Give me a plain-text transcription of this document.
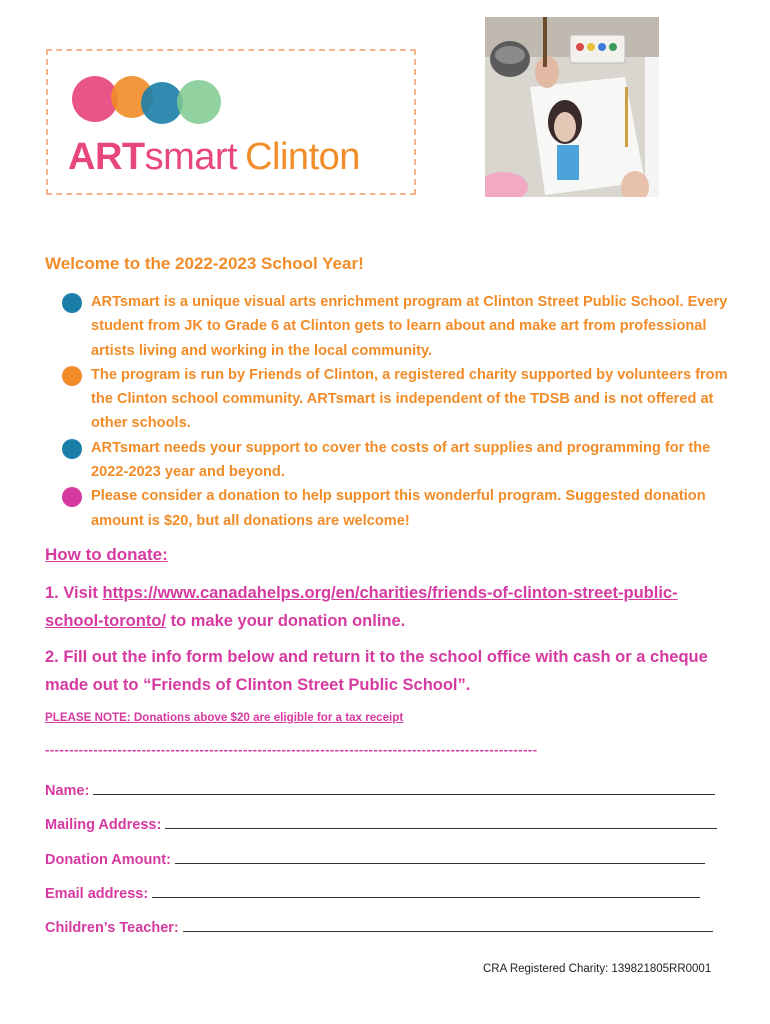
ARTsmart Clinton
Welcome to the 2022-2023 School Year!
ARTsmart is a unique visual arts enrichment program at Clinton Street Public School. Every student from JK to Grade 6 at Clinton gets to learn about and make art from professional artists living and working in the local community.
The program is run by Friends of Clinton, a registered charity supported by volunteers from the Clinton school community. ARTsmart is independent of the TDSB and is not offered at other schools.
ARTsmart needs your support to cover the costs of art supplies and programming for the 2022-2023 year and beyond.
Please consider a donation to help support this wonderful program. Suggested donation amount is $20, but all donations are welcome!
How to donate:
1. Visit https://www.canadahelps.org/en/charities/friends-of-clinton-street-public-school-toronto/ to make your donation online.
2. Fill out the info form below and return it to the school office with cash or a cheque made out to “Friends of Clinton Street Public School”.
PLEASE NOTE: Donations above $20 are eligible for a tax receipt
------------------------------------------------------------------------------------------------------
Name:
Mailing Address:
Donation Amount:
Email address:
Children’s Teacher:
CRA Registered Charity: 139821805RR0001
